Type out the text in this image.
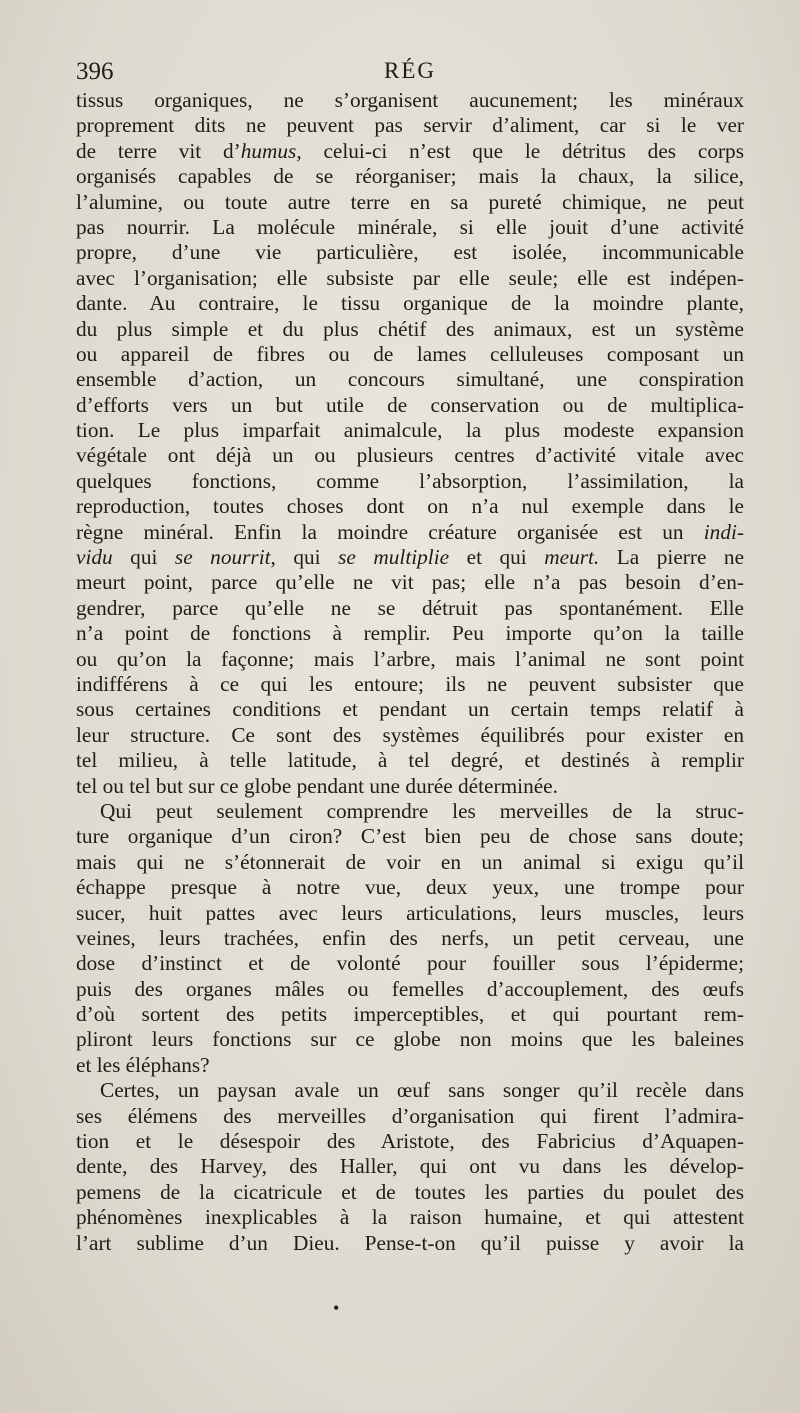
396	RÉG

tissus organiques, ne s’organisent aucunement; les minéraux
proprement dits ne peuvent pas servir d’aliment, car si le ver
de terre vit d’humus, celui-ci n’est que le détritus des corps
organisés capables de se réorganiser; mais la chaux, la silice,
l’alumine, ou toute autre terre en sa pureté chimique, ne peut
pas nourrir. La molécule minérale, si elle jouit d’une activité
propre, d’une vie particulière, est isolée, incommunicable
avec l’organisation; elle subsiste par elle seule; elle est indépen-
dante. Au contraire, le tissu organique de la moindre plante,
du plus simple et du plus chétif des animaux, est un système
ou appareil de fibres ou de lames celluleuses composant un
ensemble d’action, un concours simultané, une conspiration
d’efforts vers un but utile de conservation ou de multiplica-
tion. Le plus imparfait animalcule, la plus modeste expansion
végétale ont déjà un ou plusieurs centres d’activité vitale avec
quelques fonctions, comme l’absorption, l’assimilation, la
reproduction, toutes choses dont on n’a nul exemple dans le
règne minéral. Enfin la moindre créature organisée est un indi-
vidu qui se nourrit, qui se multiplie et qui meurt. La pierre ne
meurt point, parce qu’elle ne vit pas; elle n’a pas besoin d’en-
gendrer, parce qu’elle ne se détruit pas spontanément. Elle
n’a point de fonctions à remplir. Peu importe qu’on la taille
ou qu’on la façonne; mais l’arbre, mais l’animal ne sont point
indifférens à ce qui les entoure; ils ne peuvent subsister que
sous certaines conditions et pendant un certain temps relatif à
leur structure. Ce sont des systèmes équilibrés pour exister en
tel milieu, à telle latitude, à tel degré, et destinés à remplir
tel ou tel but sur ce globe pendant une durée déterminée.

Qui peut seulement comprendre les merveilles de la struc-
ture organique d’un ciron? C’est bien peu de chose sans doute;
mais qui ne s’étonnerait de voir en un animal si exigu qu’il
échappe presque à notre vue, deux yeux, une trompe pour
sucer, huit pattes avec leurs articulations, leurs muscles, leurs
veines, leurs trachées, enfin des nerfs, un petit cerveau, une
dose d’instinct et de volonté pour fouiller sous l’épiderme;
puis des organes mâles ou femelles d’accouplement, des œufs
d’où sortent des petits imperceptibles, et qui pourtant rem-
pliront leurs fonctions sur ce globe non moins que les baleines
et les éléphans?

Certes, un paysan avale un œuf sans songer qu’il recèle dans
ses élémens des merveilles d’organisation qui firent l’admira-
tion et le désespoir des Aristote, des Fabricius d’Aquapen-
dente, des Harvey, des Haller, qui ont vu dans les dévelop-
pemens de la cicatricule et de toutes les parties du poulet des
phénomènes inexplicables à la raison humaine, et qui attestent
l’art sublime d’un Dieu. Pense-t-on qu’il puisse y avoir la

•
